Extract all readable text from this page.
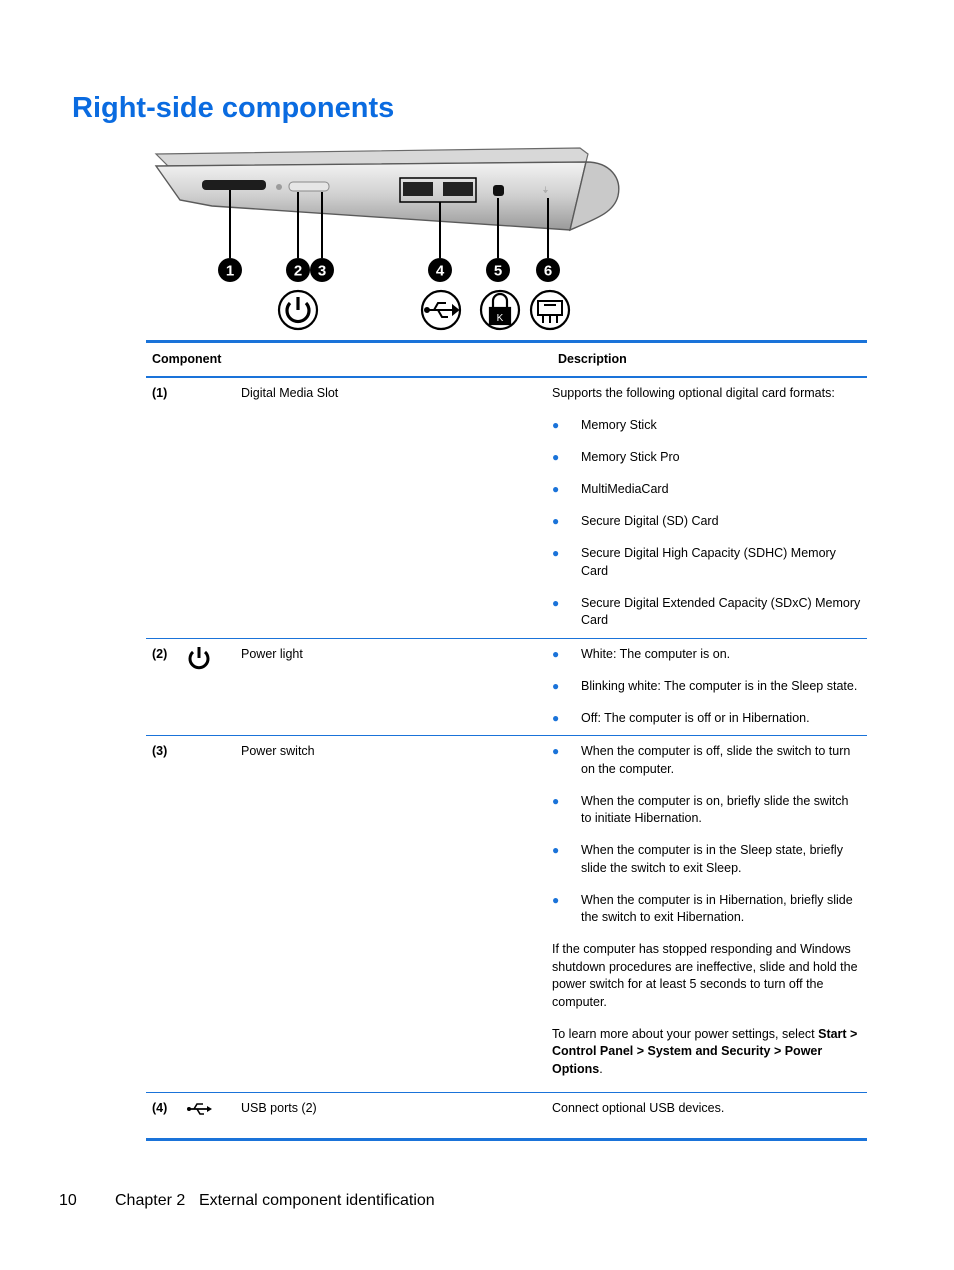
Right-side components
⏚
1	2 3	4	5	6
K
Component	Description
(1)	Digital Media Slot	Supports the following optional digital card formats:

●	Memory Stick
●	Memory Stick Pro
●	MultiMediaCard
●	Secure Digital (SD) Card
●	Secure Digital High Capacity (SDHC) Memory Card
●	Secure Digital Extended Capacity (SDxC) Memory Card
(2)	Power light	●	White: The computer is on.
●	Blinking white: The computer is in the Sleep state.
●	Off: The computer is off or in Hibernation.
(3)	Power switch	●	When the computer is off, slide the switch to turn on the computer.
●	When the computer is on, briefly slide the switch to initiate Hibernation.
●	When the computer is in the Sleep state, briefly slide the switch to exit Sleep.
●	When the computer is in Hibernation, briefly slide the switch to exit Hibernation.

If the computer has stopped responding and Windows shutdown procedures are ineffective, slide and hold the power switch for at least 5 seconds to turn off the computer.

To learn more about your power settings, select Start > Control Panel > System and Security > Power Options.

(4)	USB ports (2)	Connect optional USB devices.

10 Chapter 2 External component identification
